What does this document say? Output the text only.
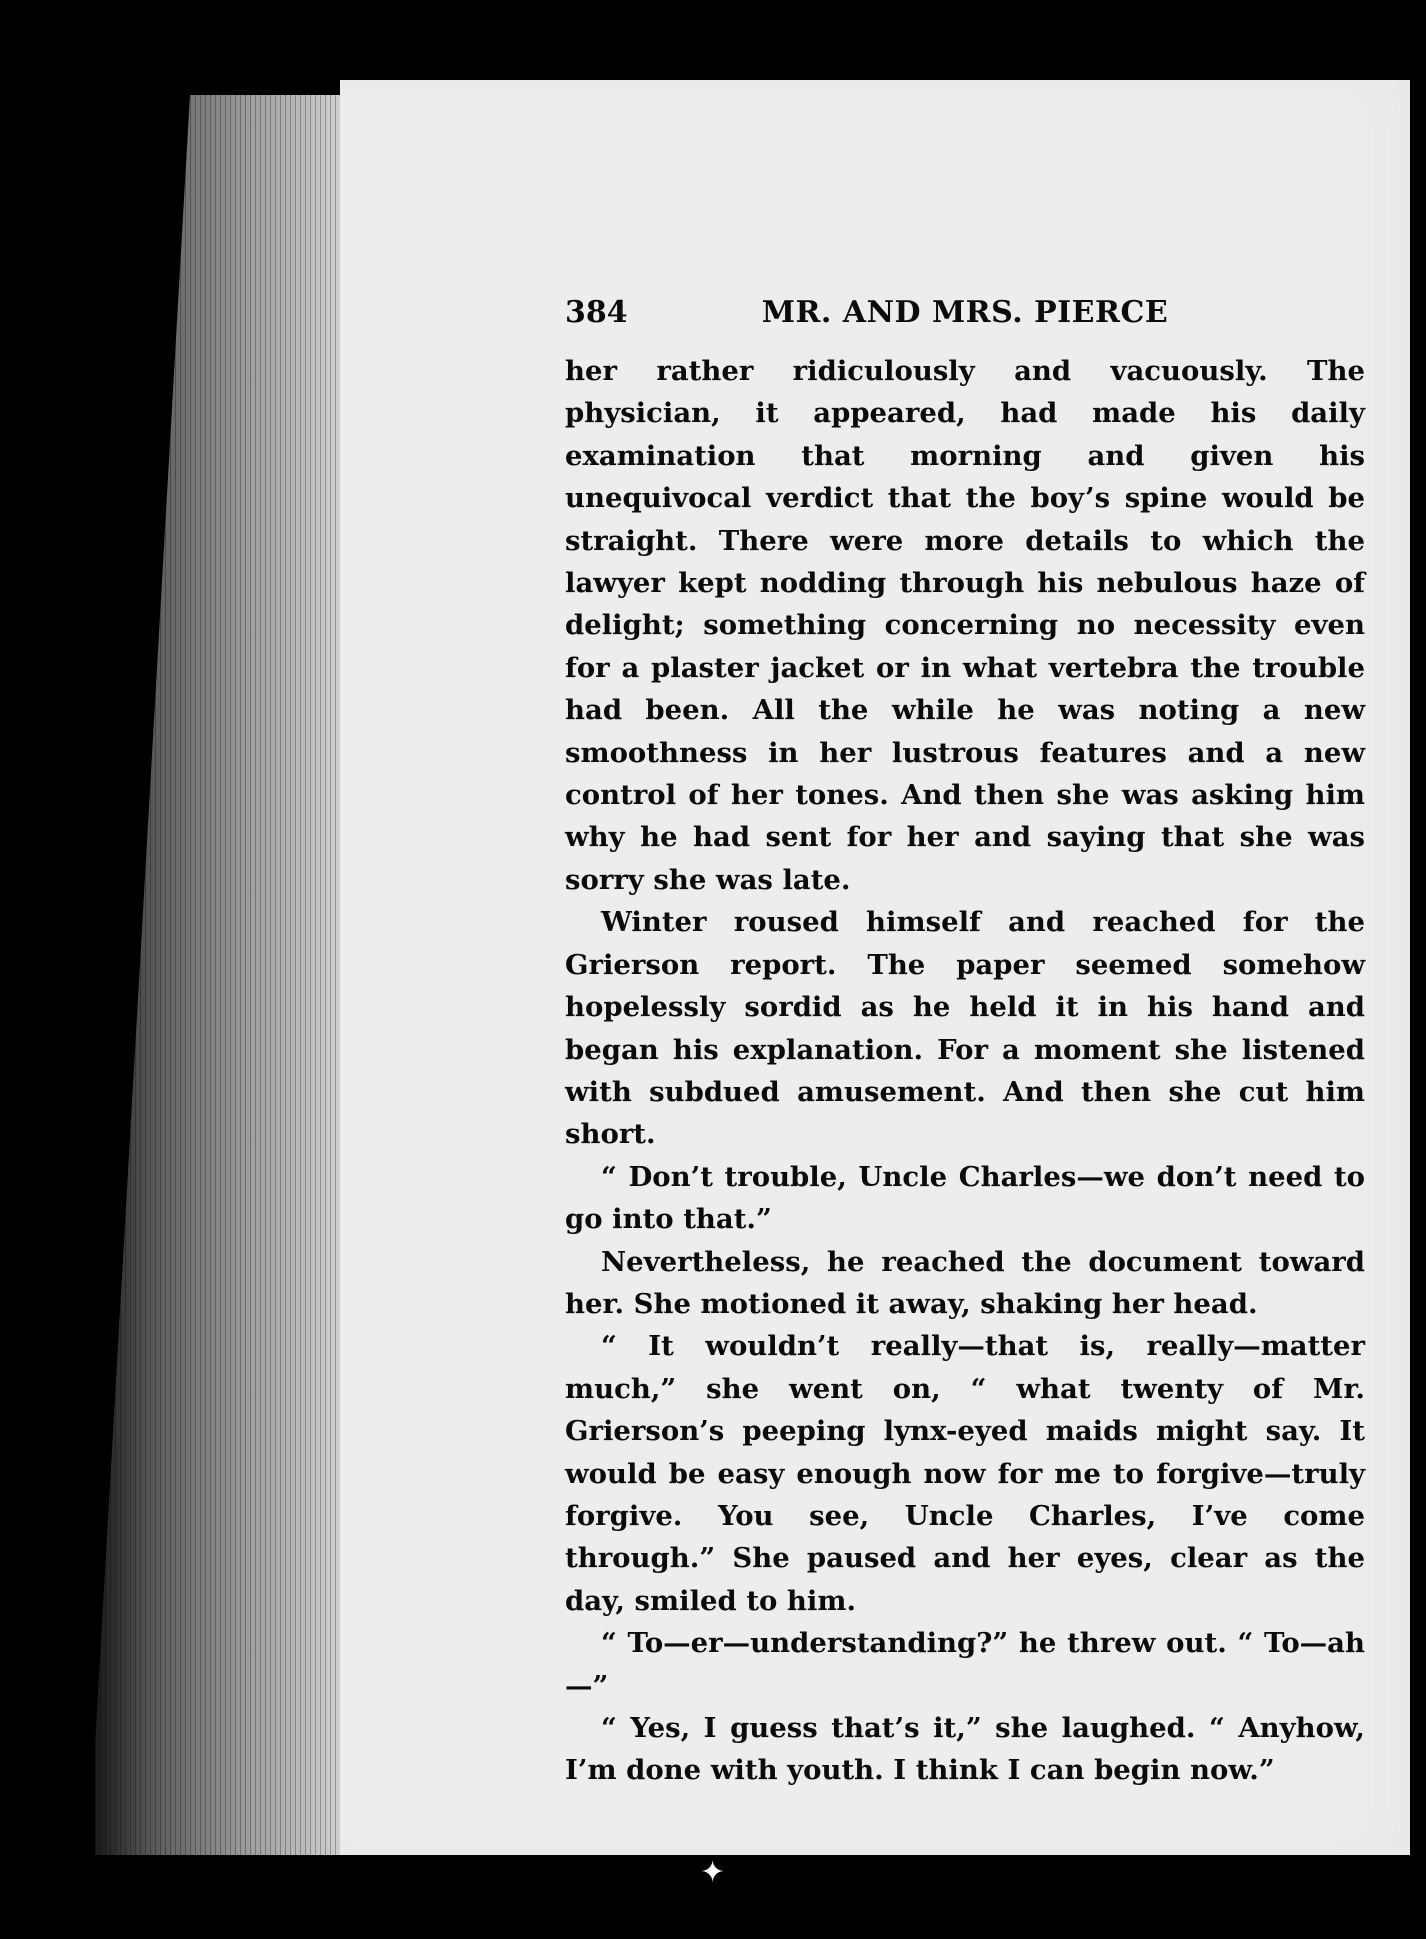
384	MR. AND MRS. PIERCE

her rather ridiculously and vacuously. The physician, it appeared, had made his daily examination that morning and given his unequivocal verdict that the boy’s spine would be straight. There were more details to which the lawyer kept nodding through his nebulous haze of delight; something concerning no necessity even for a plaster jacket or in what vertebra the trouble had been. All the while he was noting a new smoothness in her lustrous features and a new control of her tones. And then she was asking him why he had sent for her and saying that she was sorry she was late.

Winter roused himself and reached for the Grierson report. The paper seemed somehow hopelessly sordid as he held it in his hand and began his explanation. For a moment she listened with subdued amusement. And then she cut him short.

“ Don’t trouble, Uncle Charles—we don’t need to go into that.”

Nevertheless, he reached the document toward her. She motioned it away, shaking her head.

“ It wouldn’t really—that is, really—matter much,” she went on, “ what twenty of Mr. Grierson’s peeping lynx-eyed maids might say. It would be easy enough now for me to forgive—truly forgive. You see, Uncle Charles, I’ve come through.” She paused and her eyes, clear as the day, smiled to him.

“ To—er—understanding?” he threw out. “ To—ah—”

“ Yes, I guess that’s it,” she laughed. “ Anyhow, I’m done with youth. I think I can begin now.”

✦
